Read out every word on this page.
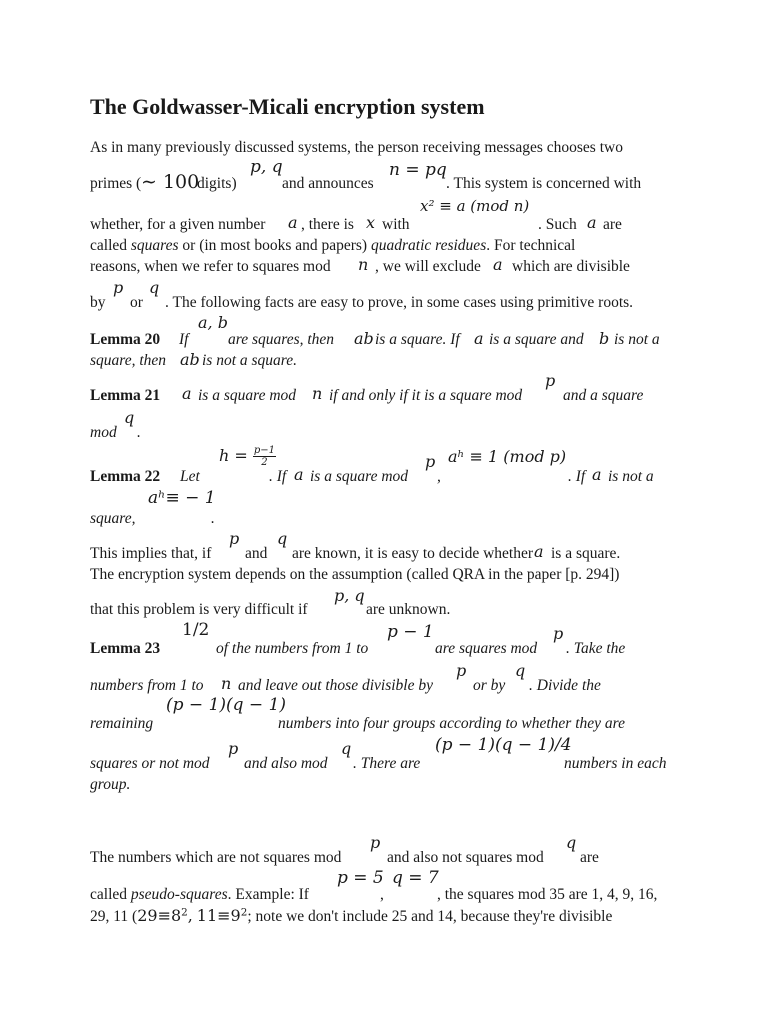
The Goldwasser-Micali encryption system
As in many previously discussed systems, the person receiving messages chooses two
primes ( ∼ 100
digits)
p, q
and announces
n = pq
. This system is concerned with
x² ≡ a (mod n)
whether, for a given number a , there is x with	. Such a are
called squares or (in most books and papers) quadratic residues. For technical
reasons, when we refer to squares mod n , we will exclude a which are divisible
by
p
or
q
. The following facts are easy to prove, in some cases using primitive roots.
Lemma 20 If
a, b
are squares, then ab is a square. If a is a square and b is not a
square, then ab is not a square.
Lemma 21 a is a square mod n if and only if it is a square mod
p
and a square
mod
q
.
Lemma 22 Let
$h = \frac{p-1}{2}$
. If a is a square mod
p
,
aʰ ≡ 1 (mod p)
. If a is not a
aʰ≡ − 1
square,	.
This implies that, if
p
and
q
are known, it is easy to decide whether a is a square.
The encryption system depends on the assumption (called QRA in the paper [p. 294])
that this problem is very difficult if
p, q
are unknown.
Lemma 23
1/2
of the numbers from 1 to
p − 1
are squares mod
p
. Take the
numbers from 1 to n and leave out those divisible by
p
or by
q
. Divide the
remaining
(p − 1)(q − 1)
numbers into four groups according to whether they are
squares or not mod
p
and also mod
q
. There are
(p − 1)(q − 1)/4
numbers in each
group.
The numbers which are not squares mod
p
and also not squares mod
q
are
called pseudo-squares. Example: If
p = 5
,
q = 7
, the squares mod 35 are 1, 4, 9, 16,
29, 11 ($29\equiv 8^2$, $11\equiv 9^2$; note we don't include 25 and 14, because they're divisible
